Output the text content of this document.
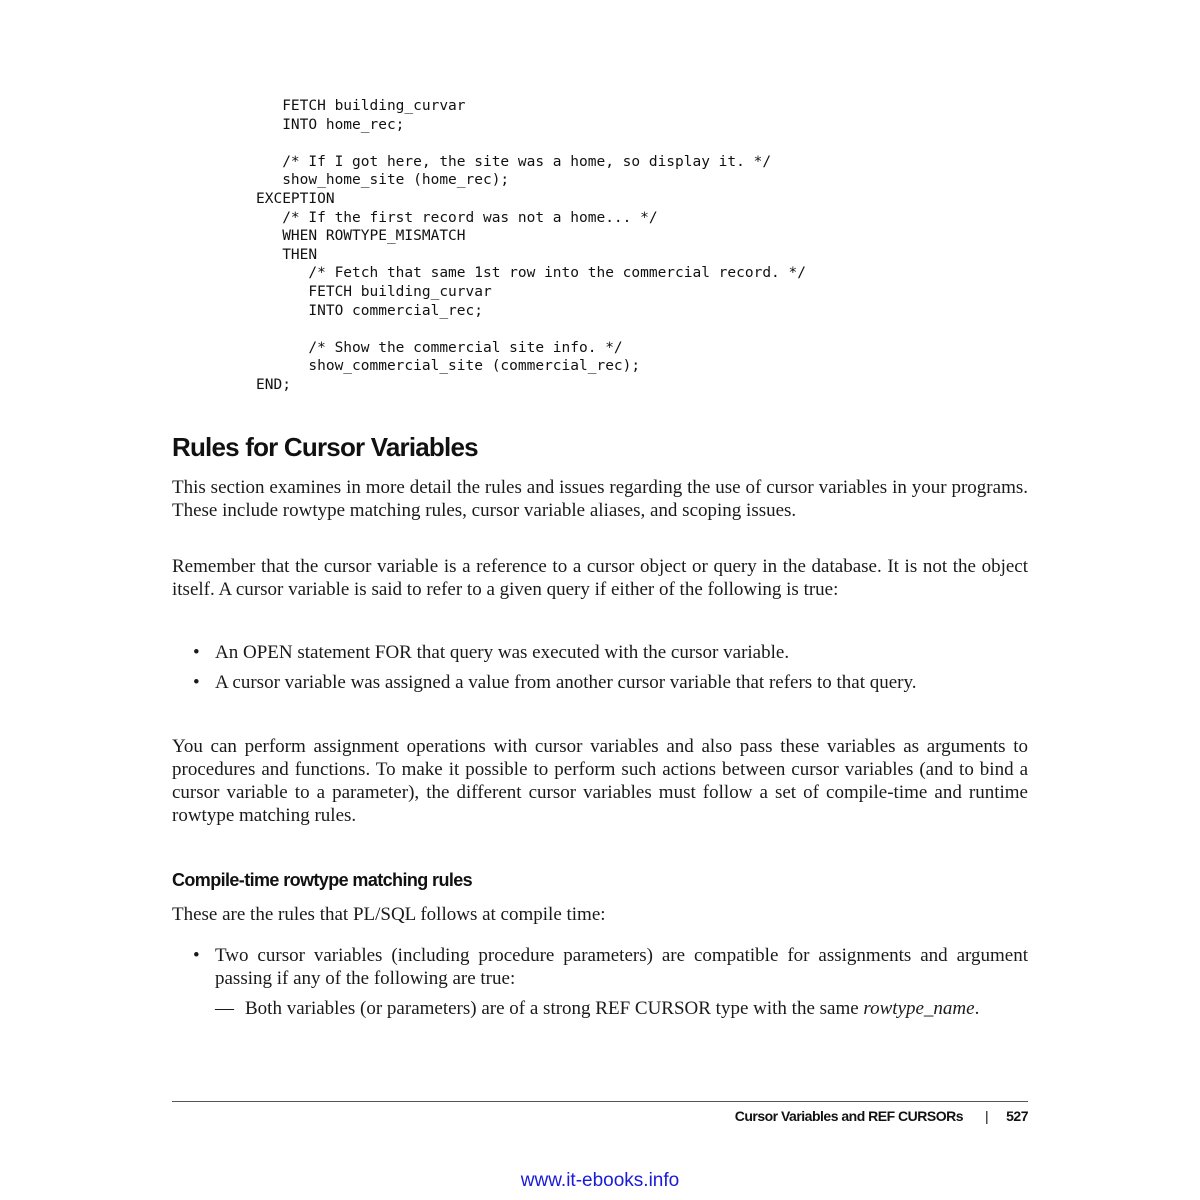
FETCH building_curvar
INTO home_rec;
/* If I got here, the site was a home, so display it. */
show_home_site (home_rec);
EXCEPTION
/* If the first record was not a home... */
WHEN ROWTYPE_MISMATCH
THEN
/* Fetch that same 1st row into the commercial record. */
FETCH building_curvar
INTO commercial_rec;
/* Show the commercial site info. */
show_commercial_site (commercial_rec);
END;
Rules for Cursor Variables

This section examines in more detail the rules and issues regarding the use of cursor variables in your programs. These include rowtype matching rules, cursor variable aliases, and scoping issues.

Remember that the cursor variable is a reference to a cursor object or query in the database. It is not the object itself. A cursor variable is said to refer to a given query if either of the following is true:

• An OPEN statement FOR that query was executed with the cursor variable.
• A cursor variable was assigned a value from another cursor variable that refers to that query.

You can perform assignment operations with cursor variables and also pass these variables as arguments to procedures and functions. To make it possible to perform such actions between cursor variables (and to bind a cursor variable to a parameter), the different cursor variables must follow a set of compile-time and runtime rowtype matching rules.

Compile-time rowtype matching rules

These are the rules that PL/SQL follows at compile time:

• Two cursor variables (including procedure parameters) are compatible for assignments and argument passing if any of the following are true:
— Both variables (or parameters) are of a strong REF CURSOR type with the same rowtype_name.
Cursor Variables and REF CURSORs | 527
www.it-ebooks.info
